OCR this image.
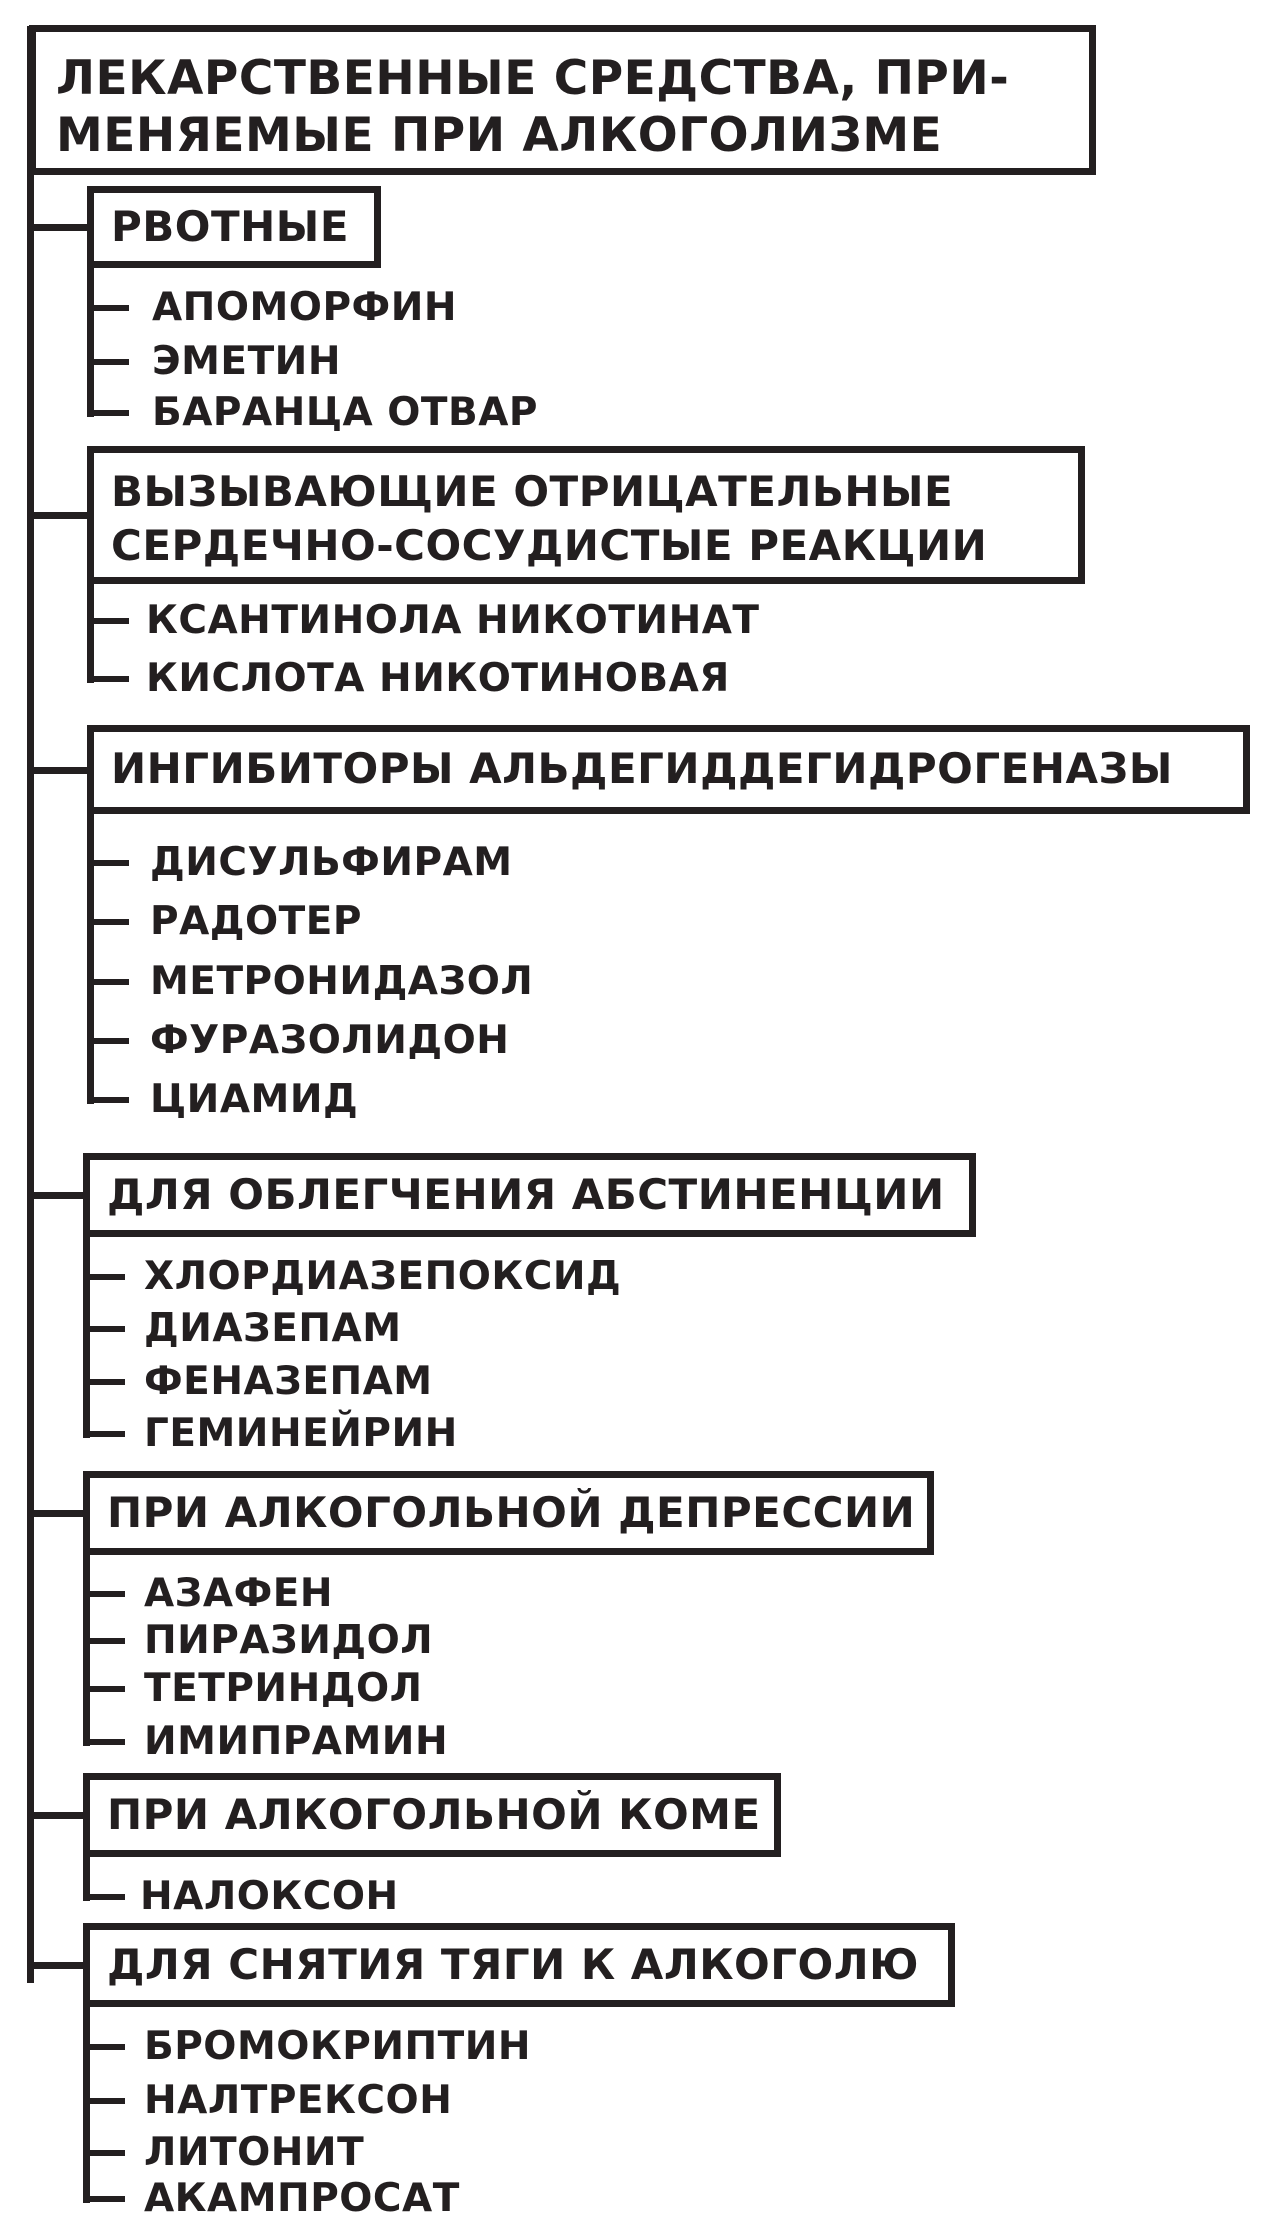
ЛЕКАРСТВЕННЫЕ СРЕДСТВА, ПРИ-
МЕНЯЕМЫЕ ПРИ АЛКОГОЛИЗМЕ
РВОТНЫЕ
АПОМОРФИН
ЭМЕТИН
БАРАНЦА ОТВАР
ВЫЗЫВАЮЩИЕ ОТРИЦАТЕЛЬНЫЕ
СЕРДЕЧНО-СОСУДИСТЫЕ РЕАКЦИИ
КСАНТИНОЛА НИКОТИНАТ
КИСЛОТА НИКОТИНОВАЯ
ИНГИБИТОРЫ АЛЬДЕГИДДЕГИДРОГЕНАЗЫ
ДИСУЛЬФИРАМ
РАДОТЕР
МЕТРОНИДАЗОЛ
ФУРАЗОЛИДОН
ЦИАМИД
ДЛЯ ОБЛЕГЧЕНИЯ АБСТИНЕНЦИИ
ХЛОРДИАЗЕПОКСИД
ДИАЗЕПАМ
ФЕНАЗЕПАМ
ГЕМИНЕЙРИН
ПРИ АЛКОГОЛЬНОЙ ДЕПРЕССИИ
АЗАФЕН
ПИРАЗИДОЛ
ТЕТРИНДОЛ
ИМИПРАМИН
ПРИ АЛКОГОЛЬНОЙ КОМЕ
НАЛОКСОН
ДЛЯ СНЯТИЯ ТЯГИ К АЛКОГОЛЮ
БРОМОКРИПТИН
НАЛТРЕКСОН
ЛИТОНИТ
АКАМПРОСАТ
